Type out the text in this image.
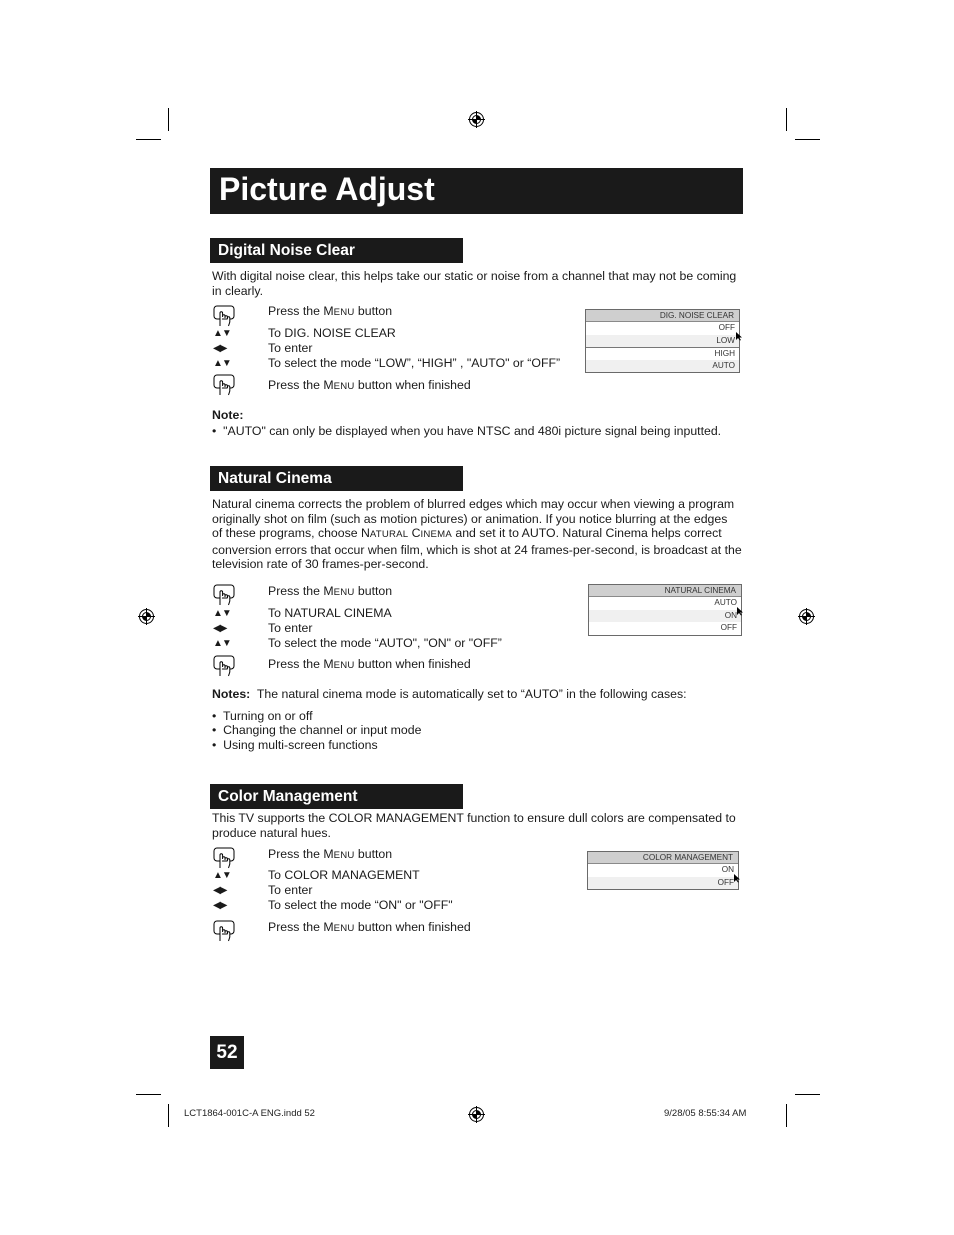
Picture Adjust
Digital Noise Clear
With digital noise clear, this helps take our static or noise from a channel that may not be coming in clearly.
Press the MENU button
▲▼	To DIG. NOISE CLEAR
◀▶	To enter
▲▼	To select the mode “LOW”, “HIGH” , "AUTO" or “OFF”
Press the MENU button when finished
DIG. NOISE CLEAR
OFF
LOW
HIGH
AUTO
Note:
• "AUTO" can only be displayed when you have NTSC and 480i picture signal being inputted.
Natural Cinema
Natural cinema corrects the problem of blurred edges which may occur when viewing a program
originally shot on film (such as motion pictures) or animation. If you notice blurring at the edges
of these programs, choose NATURAL CINEMA and set it to AUTO. Natural Cinema helps correct
conversion errors that occur when film, which is shot at 24 frames-per-second, is broadcast at the
television rate of 30 frames-per-second.
Press the MENU button
▲▼	To NATURAL CINEMA
◀▶	To enter
▲▼	To select the mode “AUTO", "ON" or "OFF”
Press the MENU button when finished
NATURAL CINEMA
AUTO
ON
OFF
Notes: The natural cinema mode is automatically set to “AUTO” in the following cases:
• Turning on or off
• Changing the channel or input mode
• Using multi-screen functions
Color Management
This TV supports the COLOR MANAGEMENT function to ensure dull colors are compensated to produce natural hues.
Press the MENU button
▲▼	To COLOR MANAGEMENT
◀▶	To enter
◀▶	To select the mode “ON" or "OFF"
Press the MENU button when finished
COLOR MANAGEMENT
ON
OFF
52
LCT1864-001C-A ENG.indd 52	9/28/05 8:55:34 AM
